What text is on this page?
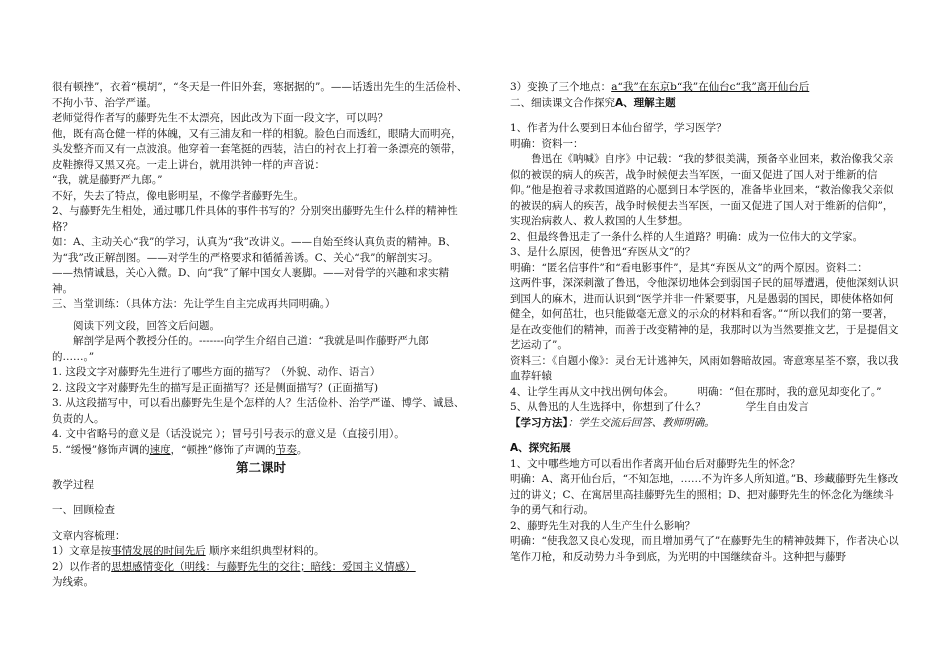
很有顿挫”，衣着“模胡”，“冬天是一件旧外套，寒据据的”。——话透出先生的生活俭朴、不拘小节、治学严谨。

老师觉得作者写的藤野先生不太漂亮，因此改为下面一段文字，可以吗？

他，既有高仓健一样的体魄，又有三浦友和一样的相貌。脸色白而透红，眼睛大而明亮，头发整齐而又有一点波浪。他穿着一套笔挺的西装，洁白的衬衣上打着一条漂亮的领带，皮鞋擦得又黑又亮。一走上讲台，就用洪钟一样的声音说：

“我，就是藤野严九郎。”

不好，失去了特点，像电影明星，不像学者藤野先生。

2、与藤野先生相处，通过哪几件具体的事件书写的？分别突出藤野先生什么样的精神性格？

如：A、主动关心“我”的学习，认真为“我”改讲义。——自始至终认真负责的精神。B、为“我”改正解剖图。——对学生的严格要求和循循善诱。C、关心“我”的解剖实习。

——热情诚恳，关心入微。D、向“我”了解中国女人裹脚。——对骨学的兴趣和求实精神。

三、当堂训练：（具体方法：先让学生自主完成再共同明确。）

阅读下列文段，回答文后问题。

解剖学是两个教授分任的。-------向学生介绍自己道：“我就是叫作藤野严九郎的……。”

1. 这段文字对藤野先生进行了哪些方面的描写？（外貌、动作、语言）

2. 这段文字对藤野先生的描写是正面描写？还是侧面描写？(正面描写)

3. 从这段描写中，可以看出藤野先生是个怎样的人？生活俭朴、治学严谨、博学、诚恳、负责的人。

4. 文中省略号的意义是（话没说完 ）；冒号引号表示的意义是（直接引用）。

5. “缓慢”修饰声调的速度，“顿挫”修饰了声调的节奏。

第二课时

教学过程

一、回顾检查

文章内容梳理：

1）文章是按事情发展的时间先后 顺序来组织典型材料的。

2）以作者的思想感情变化（明线：与藤野先生的交往；暗线：爱国主义情感）

为线索。

3）变换了三个地点：a“我”在东京b“我”在仙台c“我”离开仙台后

二、细读课文合作探究A、理解主题

1、作者为什么要到日本仙台留学，学习医学？

明确：资料一：

鲁迅在《呐喊》自序》中记载：“我的梦很美满，预备卒业回来，救治像我父亲似的被误的病人的疾苦，战争时候便去当军医，一面又促进了国人对于维新的信仰。”他是抱着寻求救国道路的心愿到日本学医的，准备毕业回来，“救治像我父亲似的被误的病人的疾苦，战争时候便去当军医，一面又促进了国人对于维新的信仰”，实现治病救人、救人救国的人生梦想。

2、但最终鲁迅走了一条什么样的人生道路？明确：成为一位伟大的文学家。

3、是什么原因，使鲁迅“弃医从文”的？

明确：“匿名信事件”和“看电影事件”，是其“弃医从文”的两个原因。资料二：

这两件事，深深刺激了鲁迅，令他深切地体会到弱国子民的屈辱遭遇，使他深刻认识到国人的麻木，进而认识到“医学并非一件紧要事，凡是愚弱的国民，即使体格如何健全，如何茁壮，也只能做毫无意义的示众的材料和看客。”“所以我们的第一要著，是在改变他们的精神，而善于改变精神的是，我那时以为当然要推文艺，于是提倡文艺运动了”。

资料三：《自题小像》：灵台无计逃神矢，风雨如磐暗故园。寄意寒星荃不察，我以我血荐轩辕

4、让学生再从文中找出例句体会。 明确：“但在那时，我的意见却变化了。”

5、从鲁迅的人生选择中，你想到了什么？	学生自由发言

【学习方法】：学生交流后回答、教师明确。

A、探究拓展

1、文中哪些地方可以看出作者离开仙台后对藤野先生的怀念？

明确：A、离开仙台后，“不知怎地，……不为许多人所知道。”B、珍藏藤野先生修改过的讲义；C、在寓居里高挂藤野先生的照相；D、把对藤野先生的怀念化为继续斗争的勇气和行动。

2、藤野先生对我的人生产生什么影响？

明确：“使我忽又良心发现，而且增加勇气了”在藤野先生的精神鼓舞下，作者决心以笔作刀枪，和反动势力斗争到底，为光明的中国继续奋斗。这种把与藤野
